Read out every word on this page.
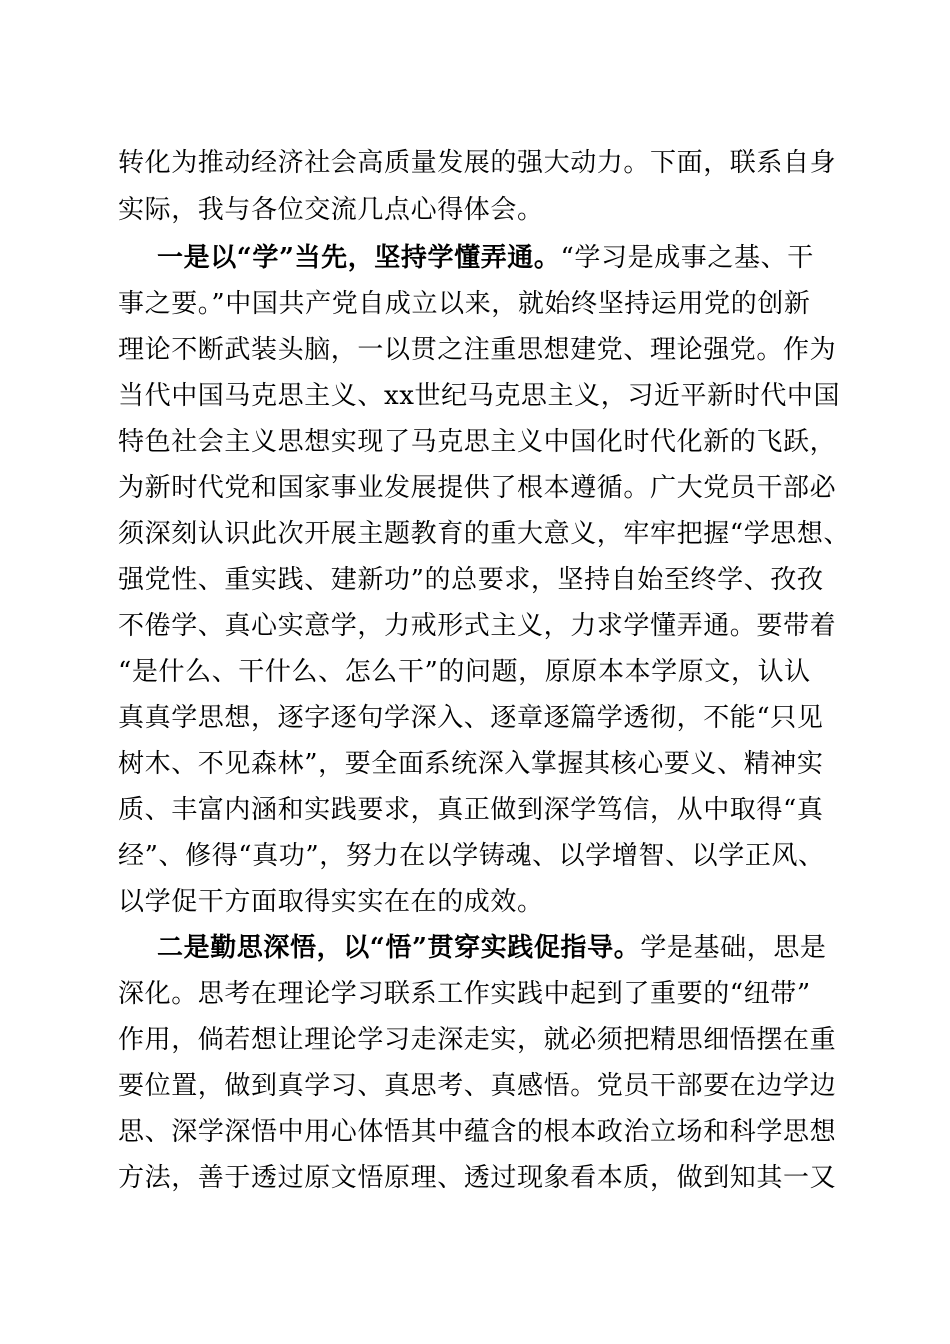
转化为推动经济社会高质量发展的强大动力。下面，联系自身
实际，我与各位交流几点心得体会。
一是以“学”当先，坚持学懂弄通。“学习是成事之基、干
事之要。”中国共产党自成立以来，就始终坚持运用党的创新
理论不断武装头脑，一以贯之注重思想建党、理论强党。作为
当代中国马克思主义、xx世纪马克思主义，习近平新时代中国
特色社会主义思想实现了马克思主义中国化时代化新的飞跃，
为新时代党和国家事业发展提供了根本遵循。广大党员干部必
须深刻认识此次开展主题教育的重大意义，牢牢把握“学思想、
强党性、重实践、建新功”的总要求，坚持自始至终学、孜孜
不倦学、真心实意学，力戒形式主义，力求学懂弄通。要带着
“是什么、干什么、怎么干”的问题，原原本本学原文，认认
真真学思想，逐字逐句学深入、逐章逐篇学透彻，不能“只见
树木、不见森林”，要全面系统深入掌握其核心要义、精神实
质、丰富内涵和实践要求，真正做到深学笃信，从中取得“真
经”、修得“真功”，努力在以学铸魂、以学增智、以学正风、
以学促干方面取得实实在在的成效。
二是勤思深悟，以“悟”贯穿实践促指导。学是基础，思是
深化。思考在理论学习联系工作实践中起到了重要的“纽带”
作用，倘若想让理论学习走深走实，就必须把精思细悟摆在重
要位置，做到真学习、真思考、真感悟。党员干部要在边学边
思、深学深悟中用心体悟其中蕴含的根本政治立场和科学思想
方法，善于透过原文悟原理、透过现象看本质，做到知其一又
